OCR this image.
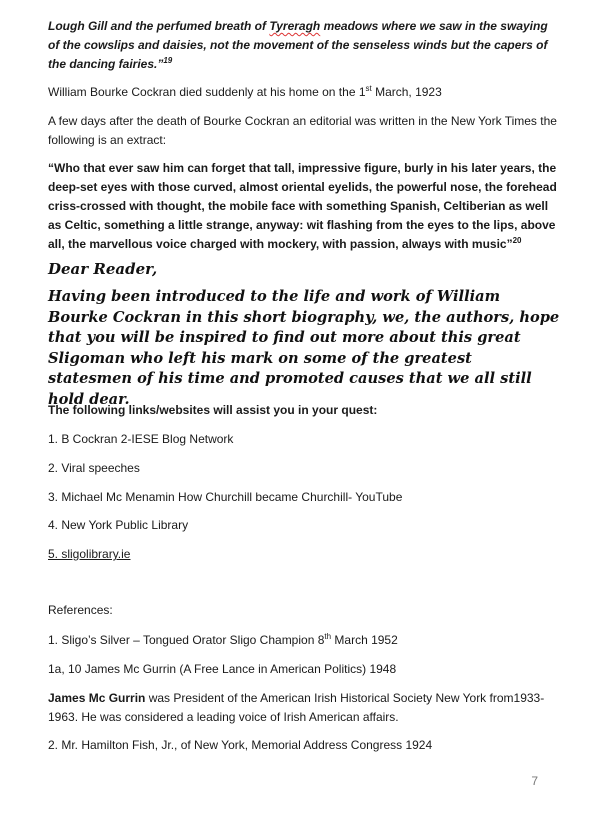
Lough Gill and the perfumed breath of Tyreragh meadows where we saw in the swaying of the cowslips and daisies, not the movement of the senseless winds but the capers of the dancing fairies.”$^{19}$
William Bourke Cockran died suddenly at his home on the 1st March, 1923
A few days after the death of Bourke Cockran an editorial was written in the New York Times the following is an extract:
“Who that ever saw him can forget that tall, impressive figure, burly in his later years, the deep-set eyes with those curved, almost oriental eyelids, the powerful nose, the forehead criss-crossed with thought, the mobile face with something Spanish, Celtiberian as well as Celtic, something a little strange, anyway: wit flashing from the eyes to the lips, above all, the marvellous voice charged with mockery, with passion, always with music”$^{20}$
Dear Reader,
Having been introduced to the life and work of William Bourke Cockran in this short biography, we, the authors, hope that you will be inspired to find out more about this great Sligoman who left his mark on some of the greatest statesmen of his time and promoted causes that we all still hold dear.
The following links/websites will assist you in your quest:
1. B Cockran 2-IESE Blog Network
2. Viral speeches
3. Michael Mc Menamin How Churchill became Churchill- YouTube
4. New York Public Library
5. sligolibrary.ie
References:
1. Sligo’s Silver – Tongued Orator Sligo Champion 8th March 1952
1a, 10 James Mc Gurrin (A Free Lance in American Politics) 1948
James Mc Gurrin was President of the American Irish Historical Society New York from1933-1963. He was considered a leading voice of Irish American affairs.
2. Mr. Hamilton Fish, Jr., of New York, Memorial Address Congress 1924
7
